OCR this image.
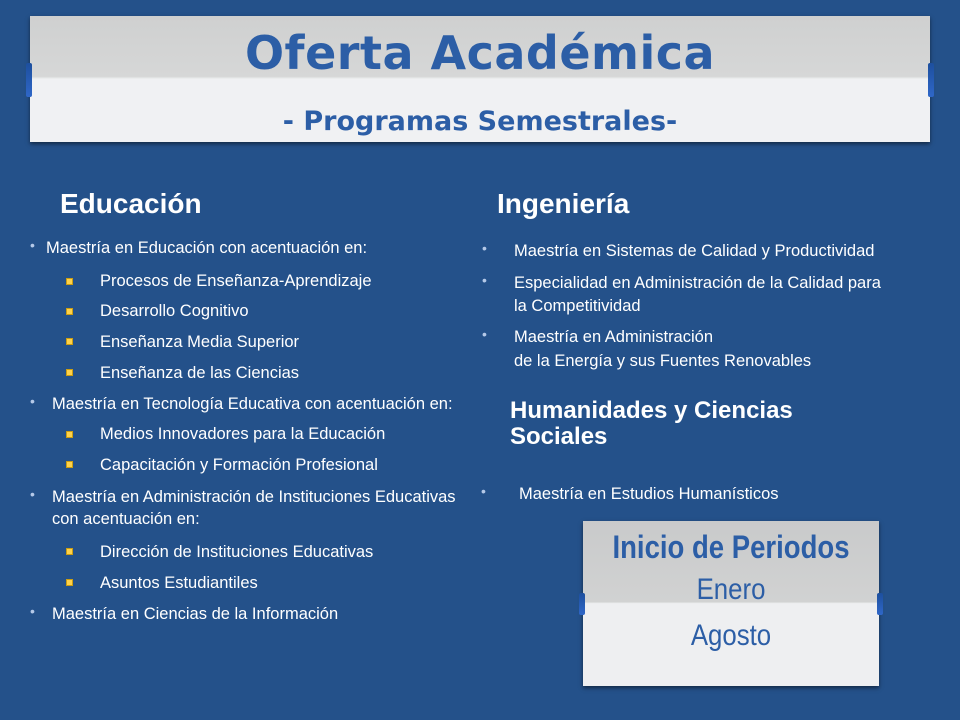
Oferta Académica
- Programas Semestrales-
Educación
• Maestría en Educación con acentuación en:
Procesos de Enseñanza-Aprendizaje
Desarrollo Cognitivo
Enseñanza Media Superior
Enseñanza de las Ciencias
• Maestría en Tecnología Educativa con acentuación en:
Medios Innovadores para la Educación
Capacitación y Formación Profesional
• Maestría en Administración de Instituciones Educativas
con acentuación en:
Dirección de Instituciones Educativas
Asuntos Estudiantiles
• Maestría en Ciencias de la Información
Ingeniería
• Maestría en Sistemas de Calidad y Productividad
• Especialidad en Administración de la Calidad para
la Competitividad
• Maestría en Administración
de la Energía y sus Fuentes Renovables
Humanidades y Ciencias
Sociales
• Maestría en Estudios Humanísticos
Inicio de Periodos
Enero
Agosto
